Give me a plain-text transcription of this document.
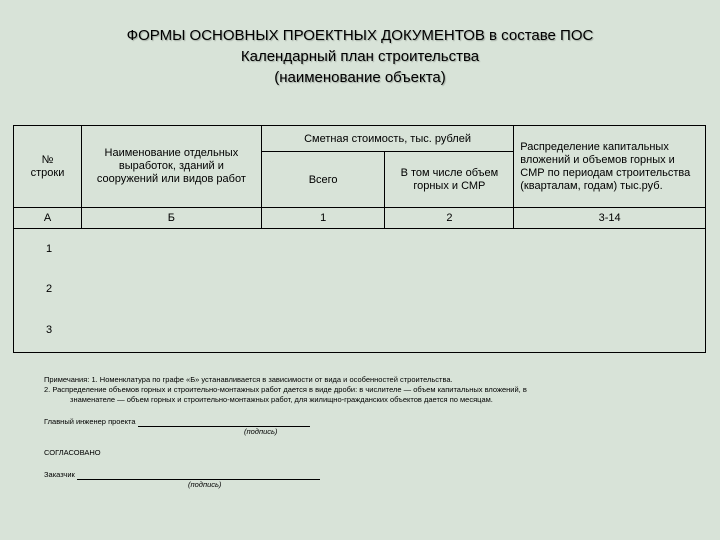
ФОРМЫ ОСНОВНЫХ ПРОЕКТНЫХ ДОКУМЕНТОВ в составе ПОС
Календарный план строительства
(наименование объекта)
№ строки	Наименование отдельных выработок, зданий и сооружений или видов работ	Сметная стоимость, тыс. рублей		Распределение капитальных вложений и объемов горных и СМР по периодам строительства (кварталам, годам) тыс.руб.

		Всего	В том числе объем горных и СМР	

А	Б	1	2	3-14
1				
2				
3				
Примечания: 1. Номенклатура по графе «Б» устанавливается в зависимости от вида и особенностей строительства.
2. Распределение объемов горных и строительно-монтажных работ дается в виде дроби: в числителе — объем капитальных вложений, в
знаменателе — объем горных и строительно-монтажных работ, для жилищно-гражданских объектов дается по месяцам.
Главный инженер проекта
(подпись)
СОГЛАСОВАНО
Заказчик
(подпись)
